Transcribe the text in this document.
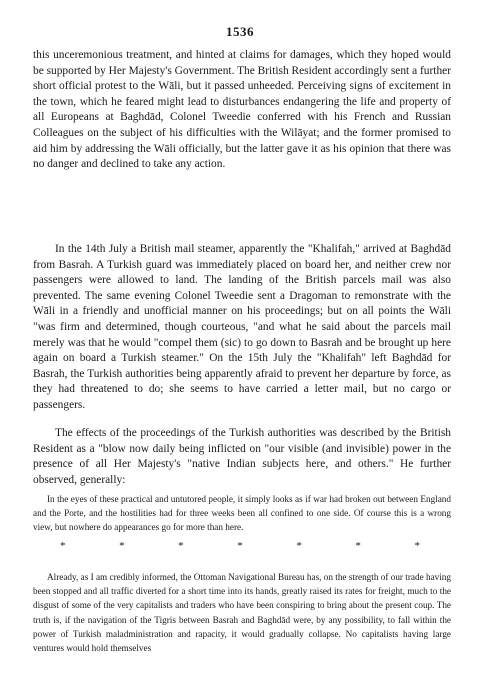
1536

this unceremonious treatment, and hinted at claims for damages, which they hoped would be supported by Her Majesty's Government. The British Resident accordingly sent a further short official protest to the Wāli, but it passed unheeded. Perceiving signs of excitement in the town, which he feared might lead to disturbances endangering the life and property of all Europeans at Baghdād, Colonel Tweedie conferred with his French and Russian Colleagues on the subject of his difficulties with the Wilāyat; and the former promised to aid him by addressing the Wāli officially, but the latter gave it as his opinion that there was no danger and declined to take any action.

In the 14th July a British mail steamer, apparently the "Khalifah," arrived at Baghdād from Basrah. A Turkish guard was immediately placed on board her, and neither crew nor passengers were allowed to land. The landing of the British parcels mail was also prevented. The same evening Colonel Tweedie sent a Dragoman to remonstrate with the Wāli in a friendly and unofficial manner on his proceedings; but on all points the Wāli "was firm and determined, though courteous, "and what he said about the parcels mail merely was that he would "compel them (sic) to go down to Basrah and be brought up here again on board a Turkish steamer." On the 15th July the "Khalifah" left Baghdād for Basrah, the Turkish authorities being apparently afraid to prevent her departure by force, as they had threatened to do; she seems to have carried a letter mail, but no cargo or passengers.

The effects of the proceedings of the Turkish authorities was described by the British Resident as a "blow now daily being inflicted on "our visible (and invisible) power in the presence of all Her Majesty's "native Indian subjects here, and others." He further observed, generally:

In the eyes of these practical and untutored people, it simply looks as if war had broken out between England and the Porte, and the hostilities had for three weeks been all confined to one side. Of course this is a wrong view, but nowhere do appearances go for more than here.

*	*	*	*	*	*	*

Already, as I am credibly informed, the Ottoman Navigational Bureau has, on the strength of our trade having been stopped and all traffic diverted for a short time into its hands, greatly raised its rates for freight, much to the disgust of some of the very capitalists and traders who have been conspiring to bring about the present coup. The truth is, if the navigation of the Tigris between Basrah and Baghdād were, by any possibility, to fall within the power of Turkish maladministration and rapacity, it would gradually collapse. No capitalists having large ventures would hold themselves
